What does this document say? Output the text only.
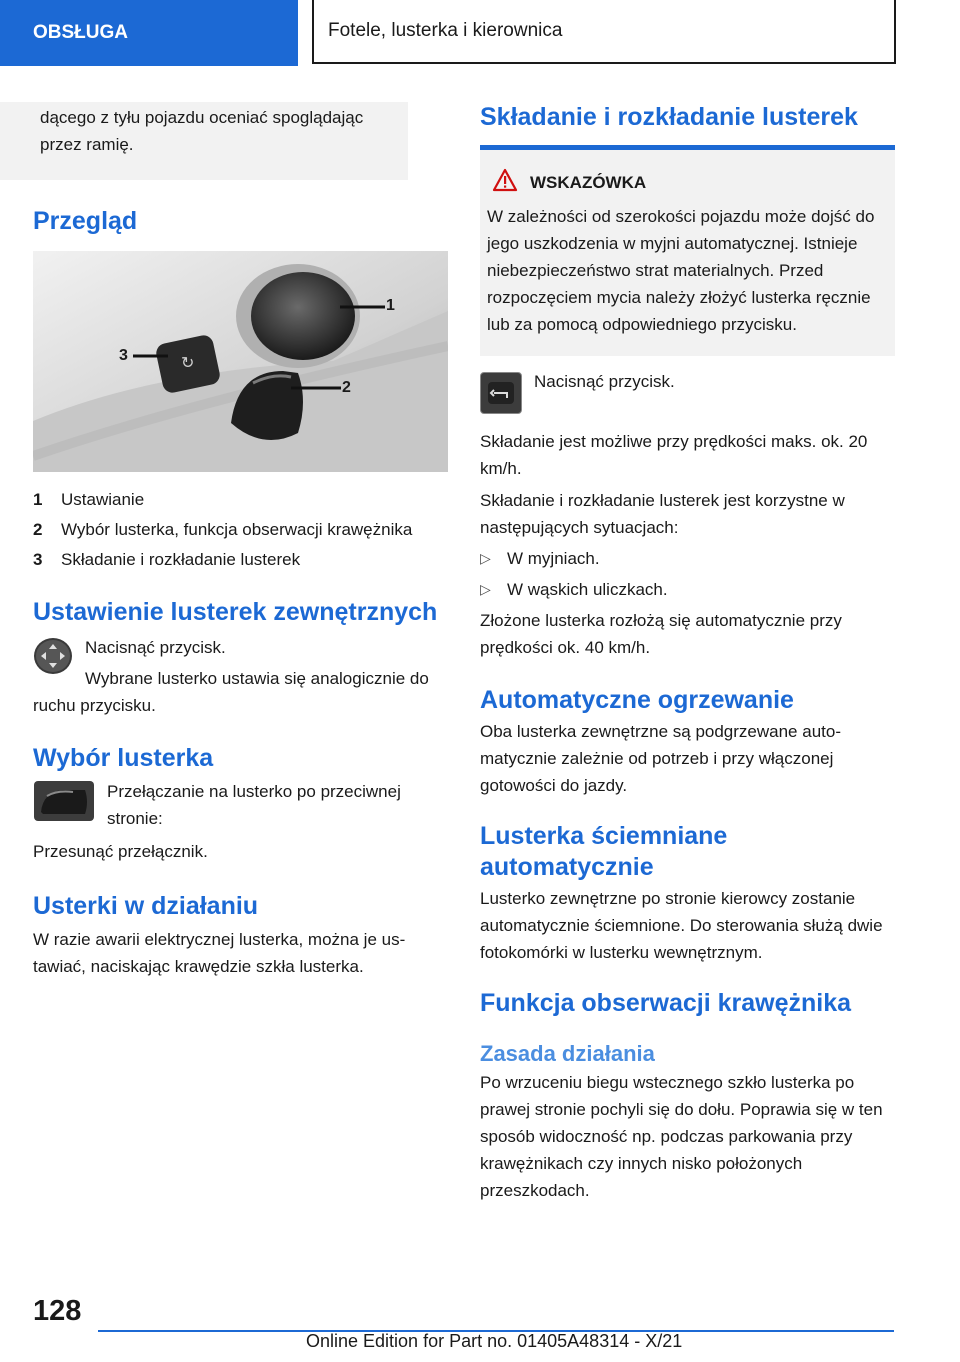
OBSŁUGA	Fotele, lusterka i kierownica

dącego z tyłu pojazdu oceniać spoglądając przez ramię.

Przegląd
↻
1
2
3
1	Ustawianie
2	Wybór lusterka, funkcja obserwacji krawężnika
3	Składanie i rozkładanie lusterek
Ustawienie lusterek zewnętrznych

Nacisnąć przycisk.

Wybrane lusterko ustawia się analogicznie do ruchu przycisku.

Wybór lusterka

Przełączanie na lusterko po przeciwnej stronie:

Przesunąć przełącznik.

Usterki w działaniu

W razie awarii elektrycznej lusterka, można je ustawiać, naciskając krawędzie szkła lusterka.

Składanie i rozkładanie lusterek
WSKAZÓWKA

W zależności od szerokości pojazdu może dojść do jego uszkodzenia w myjni automatycznej. Istnieje niebezpieczeństwo strat materialnych. Przed rozpoczęciem mycia należy złożyć lusterka ręcznie lub za pomocą odpowiedniego przycisku.

Nacisnąć przycisk.

Składanie jest możliwe przy prędkości maks. ok. 20 km/h.

Składanie i rozkładanie lusterek jest korzystne w następujących sytuacjach:

▷ W myjniach.
▷ W wąskich uliczkach.

Złożone lusterka rozłożą się automatycznie przy prędkości ok. 40 km/h.

Automatyczne ogrzewanie

Oba lusterka zewnętrzne są podgrzewane automatycznie zależnie od potrzeb i przy włączonej gotowości do jazdy.

Lusterka ściemniane automatycznie

Lusterko zewnętrzne po stronie kierowcy zostanie automatycznie ściemnione. Do sterowania służą dwie fotokomórki w lusterku wewnętrznym.

Funkcja obserwacji krawężnika
Zasada działania

Po wrzuceniu biegu wstecznego szkło lusterka po prawej stronie pochyli się do dołu. Poprawia się w ten sposób widoczność np. podczas parkowania przy krawężnikach czy innych nisko położonych przeszkodach.

128
Online Edition for Part no. 01405A48314 - X/21
